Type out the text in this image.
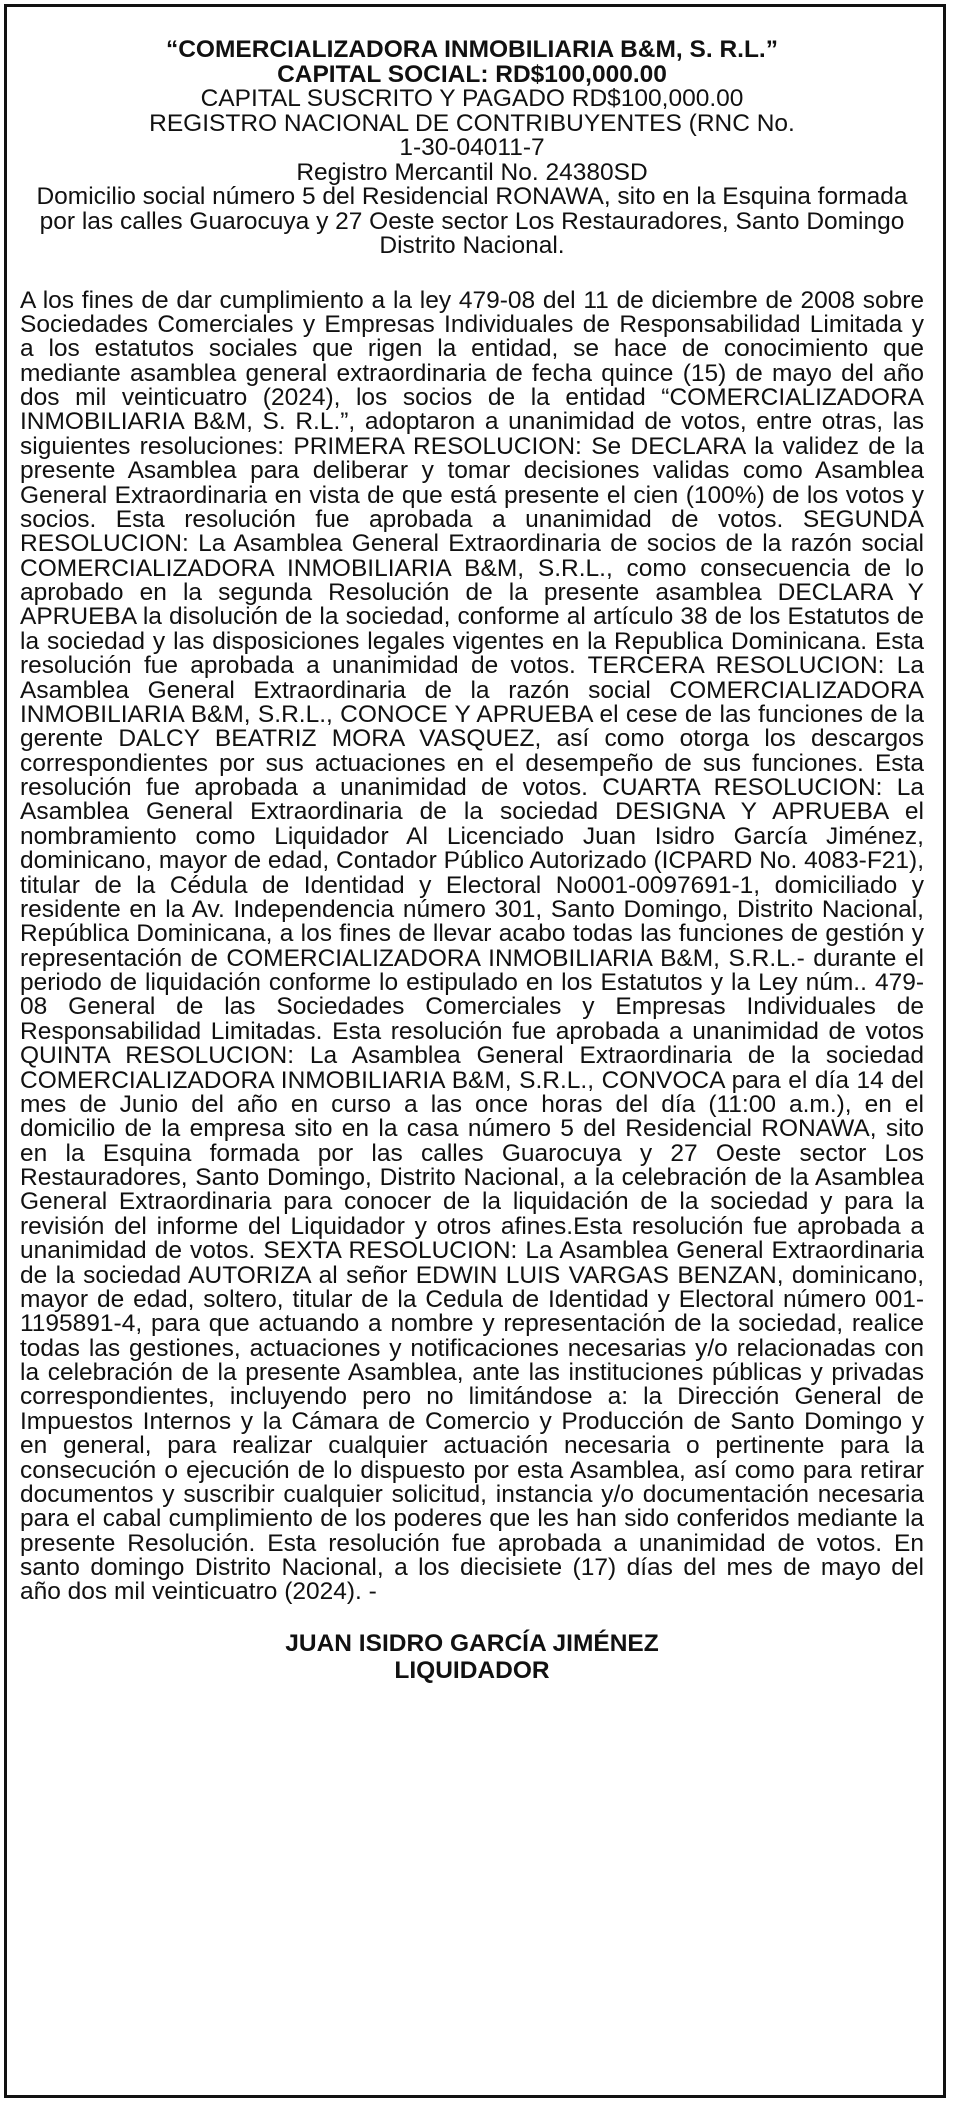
“COMERCIALIZADORA INMOBILIARIA B&M, S. R.L.”
CAPITAL SOCIAL: RD$100,000.00
CAPITAL SUSCRITO Y PAGADO RD$100,000.00
REGISTRO NACIONAL DE CONTRIBUYENTES (RNC No.
1-30-04011-7
Registro Mercantil No. 24380SD
Domicilio social número 5 del Residencial RONAWA, sito en la Esquina formada por las calles Guarocuya y 27 Oeste sector Los Restauradores, Santo Domingo Distrito Nacional.

A los fines de dar cumplimiento a la ley 479-08 del 11 de diciembre de 2008 sobre Sociedades Comerciales y Empresas Individuales de Responsabilidad Limitada y a los estatutos sociales que rigen la entidad, se hace de conocimiento que mediante asamblea general extraordinaria de fecha quince (15) de mayo del año dos mil veinticuatro (2024), los socios de la entidad “COMERCIALIZADORA INMOBILIARIA B&M, S. R.L.”, adoptaron a unanimidad de votos, entre otras, las siguientes resoluciones: PRIMERA RESOLUCION: Se DECLARA la validez de la presente Asamblea para deliberar y tomar decisiones validas como Asamblea General Extraordinaria en vista de que está presente el cien (100%) de los votos y socios. Esta resolución fue aprobada a unanimidad de votos. SEGUNDA RESOLUCION: La Asamblea General Extraordinaria de socios de la razón social COMERCIALIZADORA INMOBILIARIA B&M, S.R.L., como consecuencia de lo aprobado en la segunda Resolución de la presente asamblea DECLARA Y APRUEBA la disolución de la sociedad, conforme al artículo 38 de los Estatutos de la sociedad y las disposiciones legales vigentes en la Republica Dominicana. Esta resolución fue aprobada a unanimidad de votos. TERCERA RESOLUCION: La Asamblea General Extraordinaria de la razón social COMERCIALIZADORA INMOBILIARIA B&M, S.R.L., CONOCE Y APRUEBA el cese de las funciones de la gerente DALCY BEATRIZ MORA VASQUEZ, así como otorga los descargos correspondientes por sus actuaciones en el desempeño de sus funciones. Esta resolución fue aprobada a unanimidad de votos. CUARTA RESOLUCION: La Asamblea General Extraordinaria de la sociedad DESIGNA Y APRUEBA el nombramiento como Liquidador Al Licenciado Juan Isidro García Jiménez, dominicano, mayor de edad, Contador Público Autorizado (ICPARD No. 4083-F21), titular de la Cédula de Identidad y Electoral No001-0097691-1, domiciliado y residente en la Av. Independencia número 301, Santo Domingo, Distrito Nacional, República Dominicana, a los fines de llevar acabo todas las funciones de gestión y representación de COMERCIALIZADORA INMOBILIARIA B&M, S.R.L.- durante el periodo de liquidación conforme lo estipulado en los Estatutos y la Ley núm.. 479-08 General de las Sociedades Comerciales y Empresas Individuales de Responsabilidad Limitadas. Esta resolución fue aprobada a unanimidad de votos QUINTA RESOLUCION: La Asamblea General Extraordinaria de la sociedad COMERCIALIZADORA INMOBILIARIA B&M, S.R.L., CONVOCA para el día 14 del mes de Junio del año en curso a las once horas del día (11:00 a.m.), en el domicilio de la empresa sito en la casa número 5 del Residencial RONAWA, sito en la Esquina formada por las calles Guarocuya y 27 Oeste sector Los Restauradores, Santo Domingo, Distrito Nacional, a la celebración de la Asamblea General Extraordinaria para conocer de la liquidación de la sociedad y para la revisión del informe del Liquidador y otros afines.Esta resolución fue aprobada a unanimidad de votos. SEXTA RESOLUCION: La Asamblea General Extraordinaria de la sociedad AUTORIZA al señor EDWIN LUIS VARGAS BENZAN, dominicano, mayor de edad, soltero, titular de la Cedula de Identidad y Electoral número 001-1195891-4, para que actuando a nombre y representación de la sociedad, realice todas las gestiones, actuaciones y notificaciones necesarias y/o relacionadas con la celebración de la presente Asamblea, ante las instituciones públicas y privadas correspondientes, incluyendo pero no limitándose a: la Dirección General de Impuestos Internos y la Cámara de Comercio y Producción de Santo Domingo y en general, para realizar cualquier actuación necesaria o pertinente para la consecución o ejecución de lo dispuesto por esta Asamblea, así como para retirar documentos y suscribir cualquier solicitud, instancia y/o documentación necesaria para el cabal cumplimiento de los poderes que les han sido conferidos mediante la presente Resolución. Esta resolución fue aprobada a unanimidad de votos. En santo domingo Distrito Nacional, a los diecisiete (17) días del mes de mayo del año dos mil veinticuatro (2024). -

JUAN ISIDRO GARCÍA JIMÉNEZ
LIQUIDADOR
